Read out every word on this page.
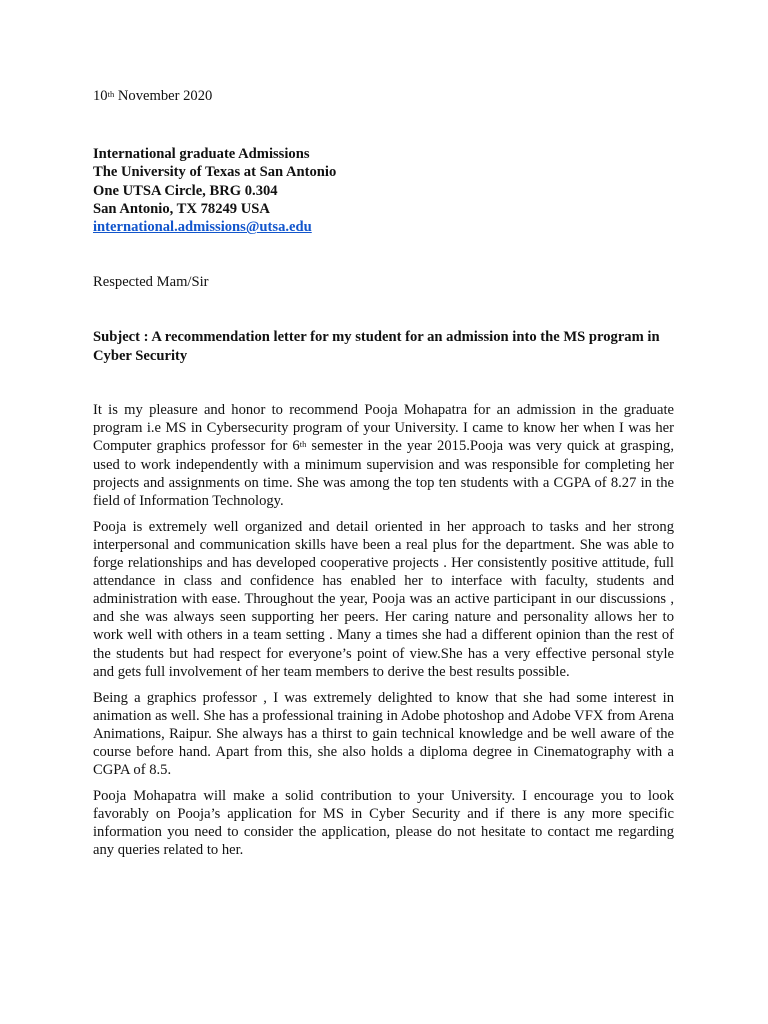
10th November 2020

International graduate Admissions
The University of Texas at San Antonio
One UTSA Circle, BRG 0.304
San Antonio, TX 78249 USA
international.admissions@utsa.edu
Respected Mam/Sir
Subject : A recommendation letter for my student for an admission into the MS program in Cyber Security

It is my pleasure and honor to recommend Pooja Mohapatra for an admission in the graduate program i.e MS in Cybersecurity program of your University. I came to know her when I was her Computer graphics professor for 6th semester in the year 2015.Pooja was very quick at grasping, used to work independently with a minimum supervision and was responsible for completing her projects and assignments on time. She was among the top ten students with a CGPA of 8.27 in the field of Information Technology.

Pooja is extremely well organized and detail oriented in her approach to tasks and her strong interpersonal and communication skills have been a real plus for the department. She was able to forge relationships and has developed cooperative projects . Her consistently positive attitude, full attendance in class and confidence has enabled her to interface with faculty, students and administration with ease. Throughout the year, Pooja was an active participant in our discussions , and she was always seen supporting her peers. Her caring nature and personality allows her to work well with others in a team setting . Many a times she had a different opinion than the rest of the students but had respect for everyone’s point of view.She has a very effective personal style and gets full involvement of her team members to derive the best results possible.

Being a graphics professor , I was extremely delighted to know that she had some interest in animation as well. She has a professional training in Adobe photoshop and Adobe VFX from Arena Animations, Raipur. She always has a thirst to gain technical knowledge and be well aware of the course before hand. Apart from this, she also holds a diploma degree in Cinematography with a CGPA of 8.5.

Pooja Mohapatra will make a solid contribution to your University. I encourage you to look favorably on Pooja’s application for MS in Cyber Security and if there is any more specific information you need to consider the application, please do not hesitate to contact me regarding any queries related to her.
